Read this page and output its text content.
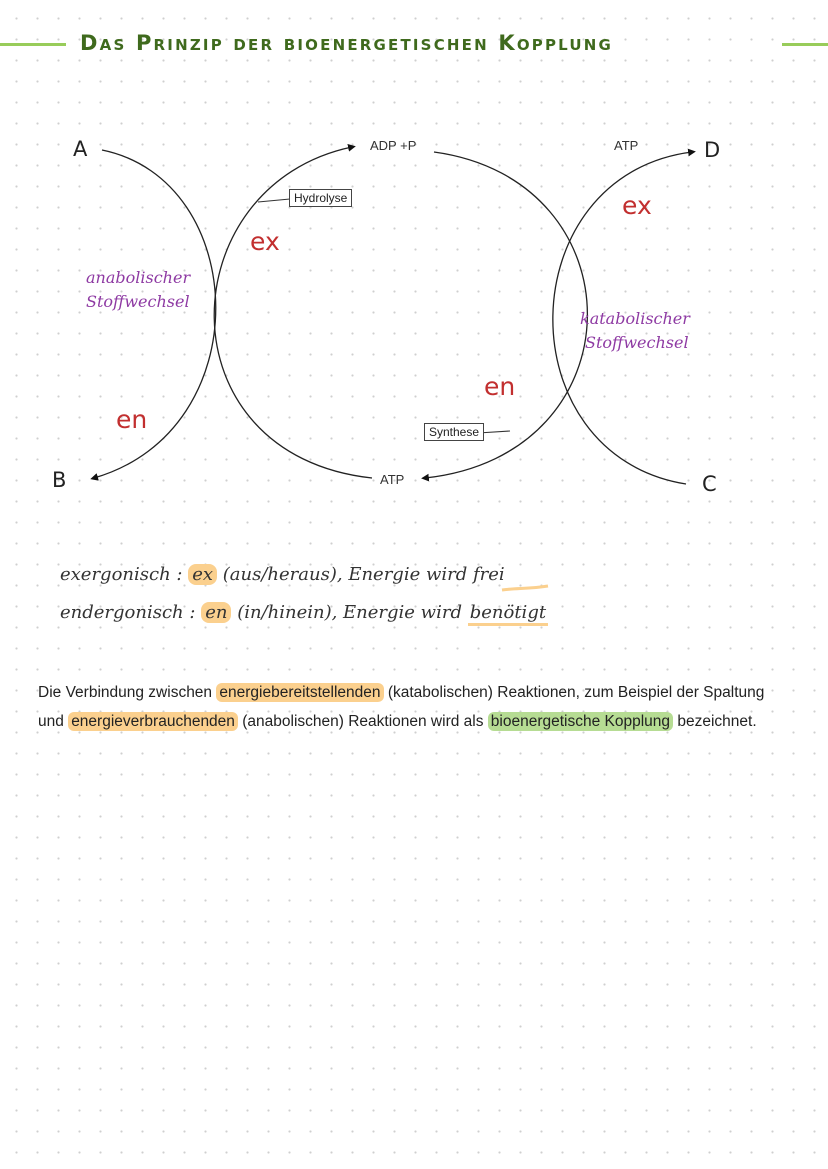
Das Prinzip der bioenergetischen Kopplung
A
B	C
D
ADP +P	ATP
ATP
Hydrolyse
Synthese
ex
ex
en
en
anabolischer
Stoffwechsel
katabolischer
Stoffwechsel
exergonisch : ex (aus/heraus), Energie wird frei
endergonisch : en (in/hinein), Energie wird benötigt
Die Verbindung zwischen energiebereitstellenden (katabolischen) Reaktionen, zum Beispiel der Spaltung und energieverbrauchenden (anabolischen) Reaktionen wird als bioenergetische Kopplung bezeichnet.
